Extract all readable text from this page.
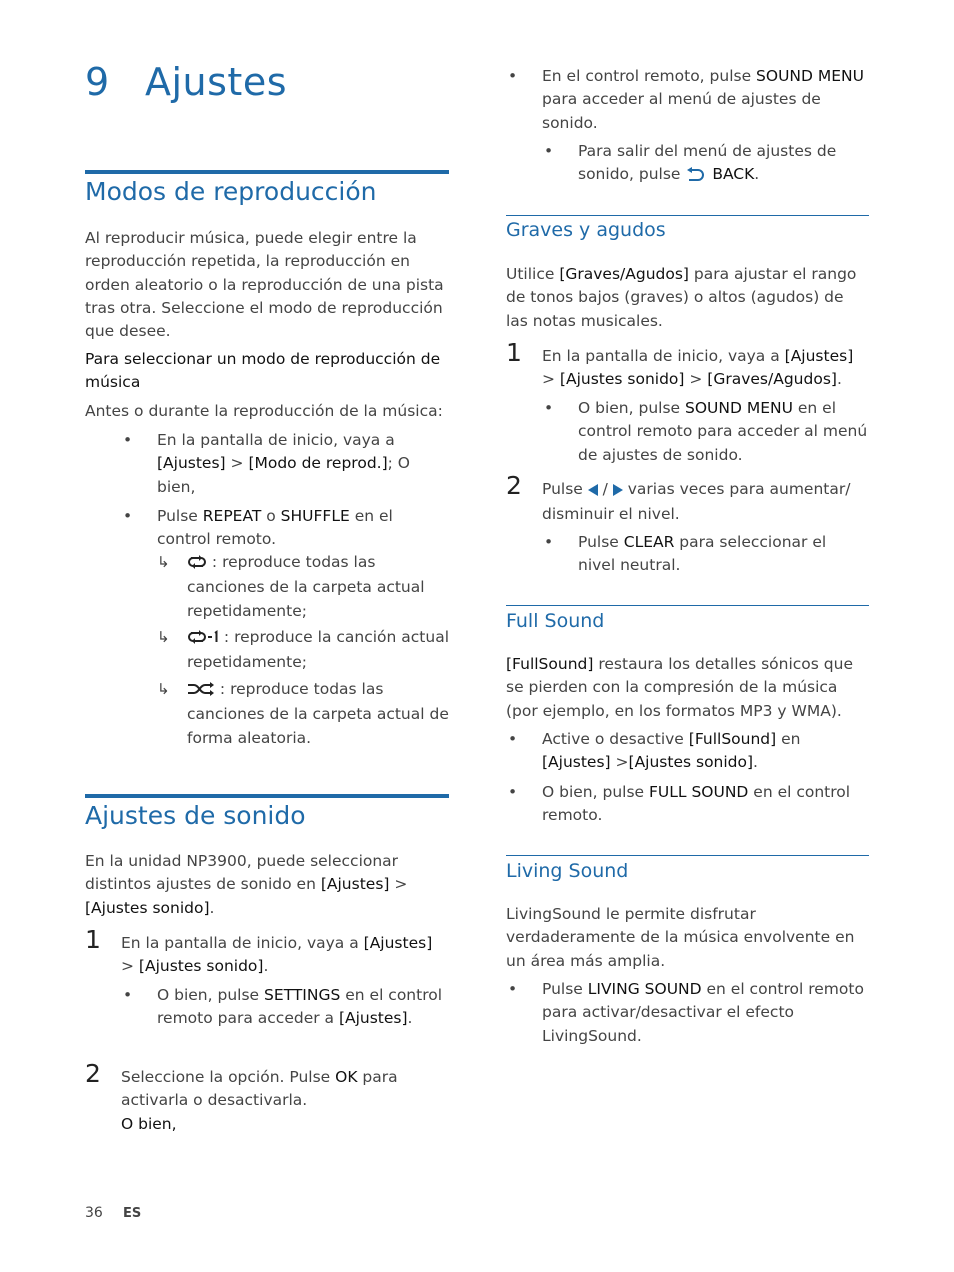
9 Ajustes
Modos de reproducción

Al reproducir música, puede elegir entre la reproducción repetida, la reproducción en orden aleatorio o la reproducción de una pista tras otra. Seleccione el modo de reproducción que desee.

Para seleccionar un modo de reproducción de música

Antes o durante la reproducción de la música:

• En la pantalla de inicio, vaya a [Ajustes] > [Modo de reprod.]; O bien,

• Pulse REPEAT o SHUFFLE en el control remoto.

↳	: reproduce todas las canciones de la carpeta actual repetidamente;

↳	: reproduce la canción actual repetidamente;

↳	: reproduce todas las canciones de la carpeta actual de forma aleatoria.

Ajustes de sonido

En la unidad NP3900, puede seleccionar distintos ajustes de sonido en [Ajustes] > [Ajustes sonido].

1 En la pantalla de inicio, vaya a [Ajustes] > [Ajustes sonido].

• O bien, pulse SETTINGS en el control remoto para acceder a [Ajustes].

2 Seleccione la opción. Pulse OK para activarla o desactivarla.
O bien,

36 ES
• En el control remoto, pulse SOUND MENU para acceder al menú de ajustes de sonido.

• Para salir del menú de ajustes de sonido, pulse  BACK.

Graves y agudos

Utilice [Graves/Agudos] para ajustar el rango de tonos bajos (graves) o altos (agudos) de las notas musicales.

1 En la pantalla de inicio, vaya a [Ajustes] > [Ajustes sonido] > [Graves/Agudos].

• O bien, pulse SOUND MENU en el control remoto para acceder al menú de ajustes de sonido.

2 Pulse  /  varias veces para aumentar/ disminuir el nivel.

• Pulse CLEAR para seleccionar el nivel neutral.

Full Sound

[FullSound] restaura los detalles sónicos que se pierden con la compresión de la música (por ejemplo, en los formatos MP3 y WMA).

• Active o desactive [FullSound] en [Ajustes] >[Ajustes sonido].

• O bien, pulse FULL SOUND en el control remoto.

Living Sound

LivingSound le permite disfrutar verdaderamente de la música envolvente en un área más amplia.

• Pulse LIVING SOUND en el control remoto para activar/desactivar el efecto LivingSound.
